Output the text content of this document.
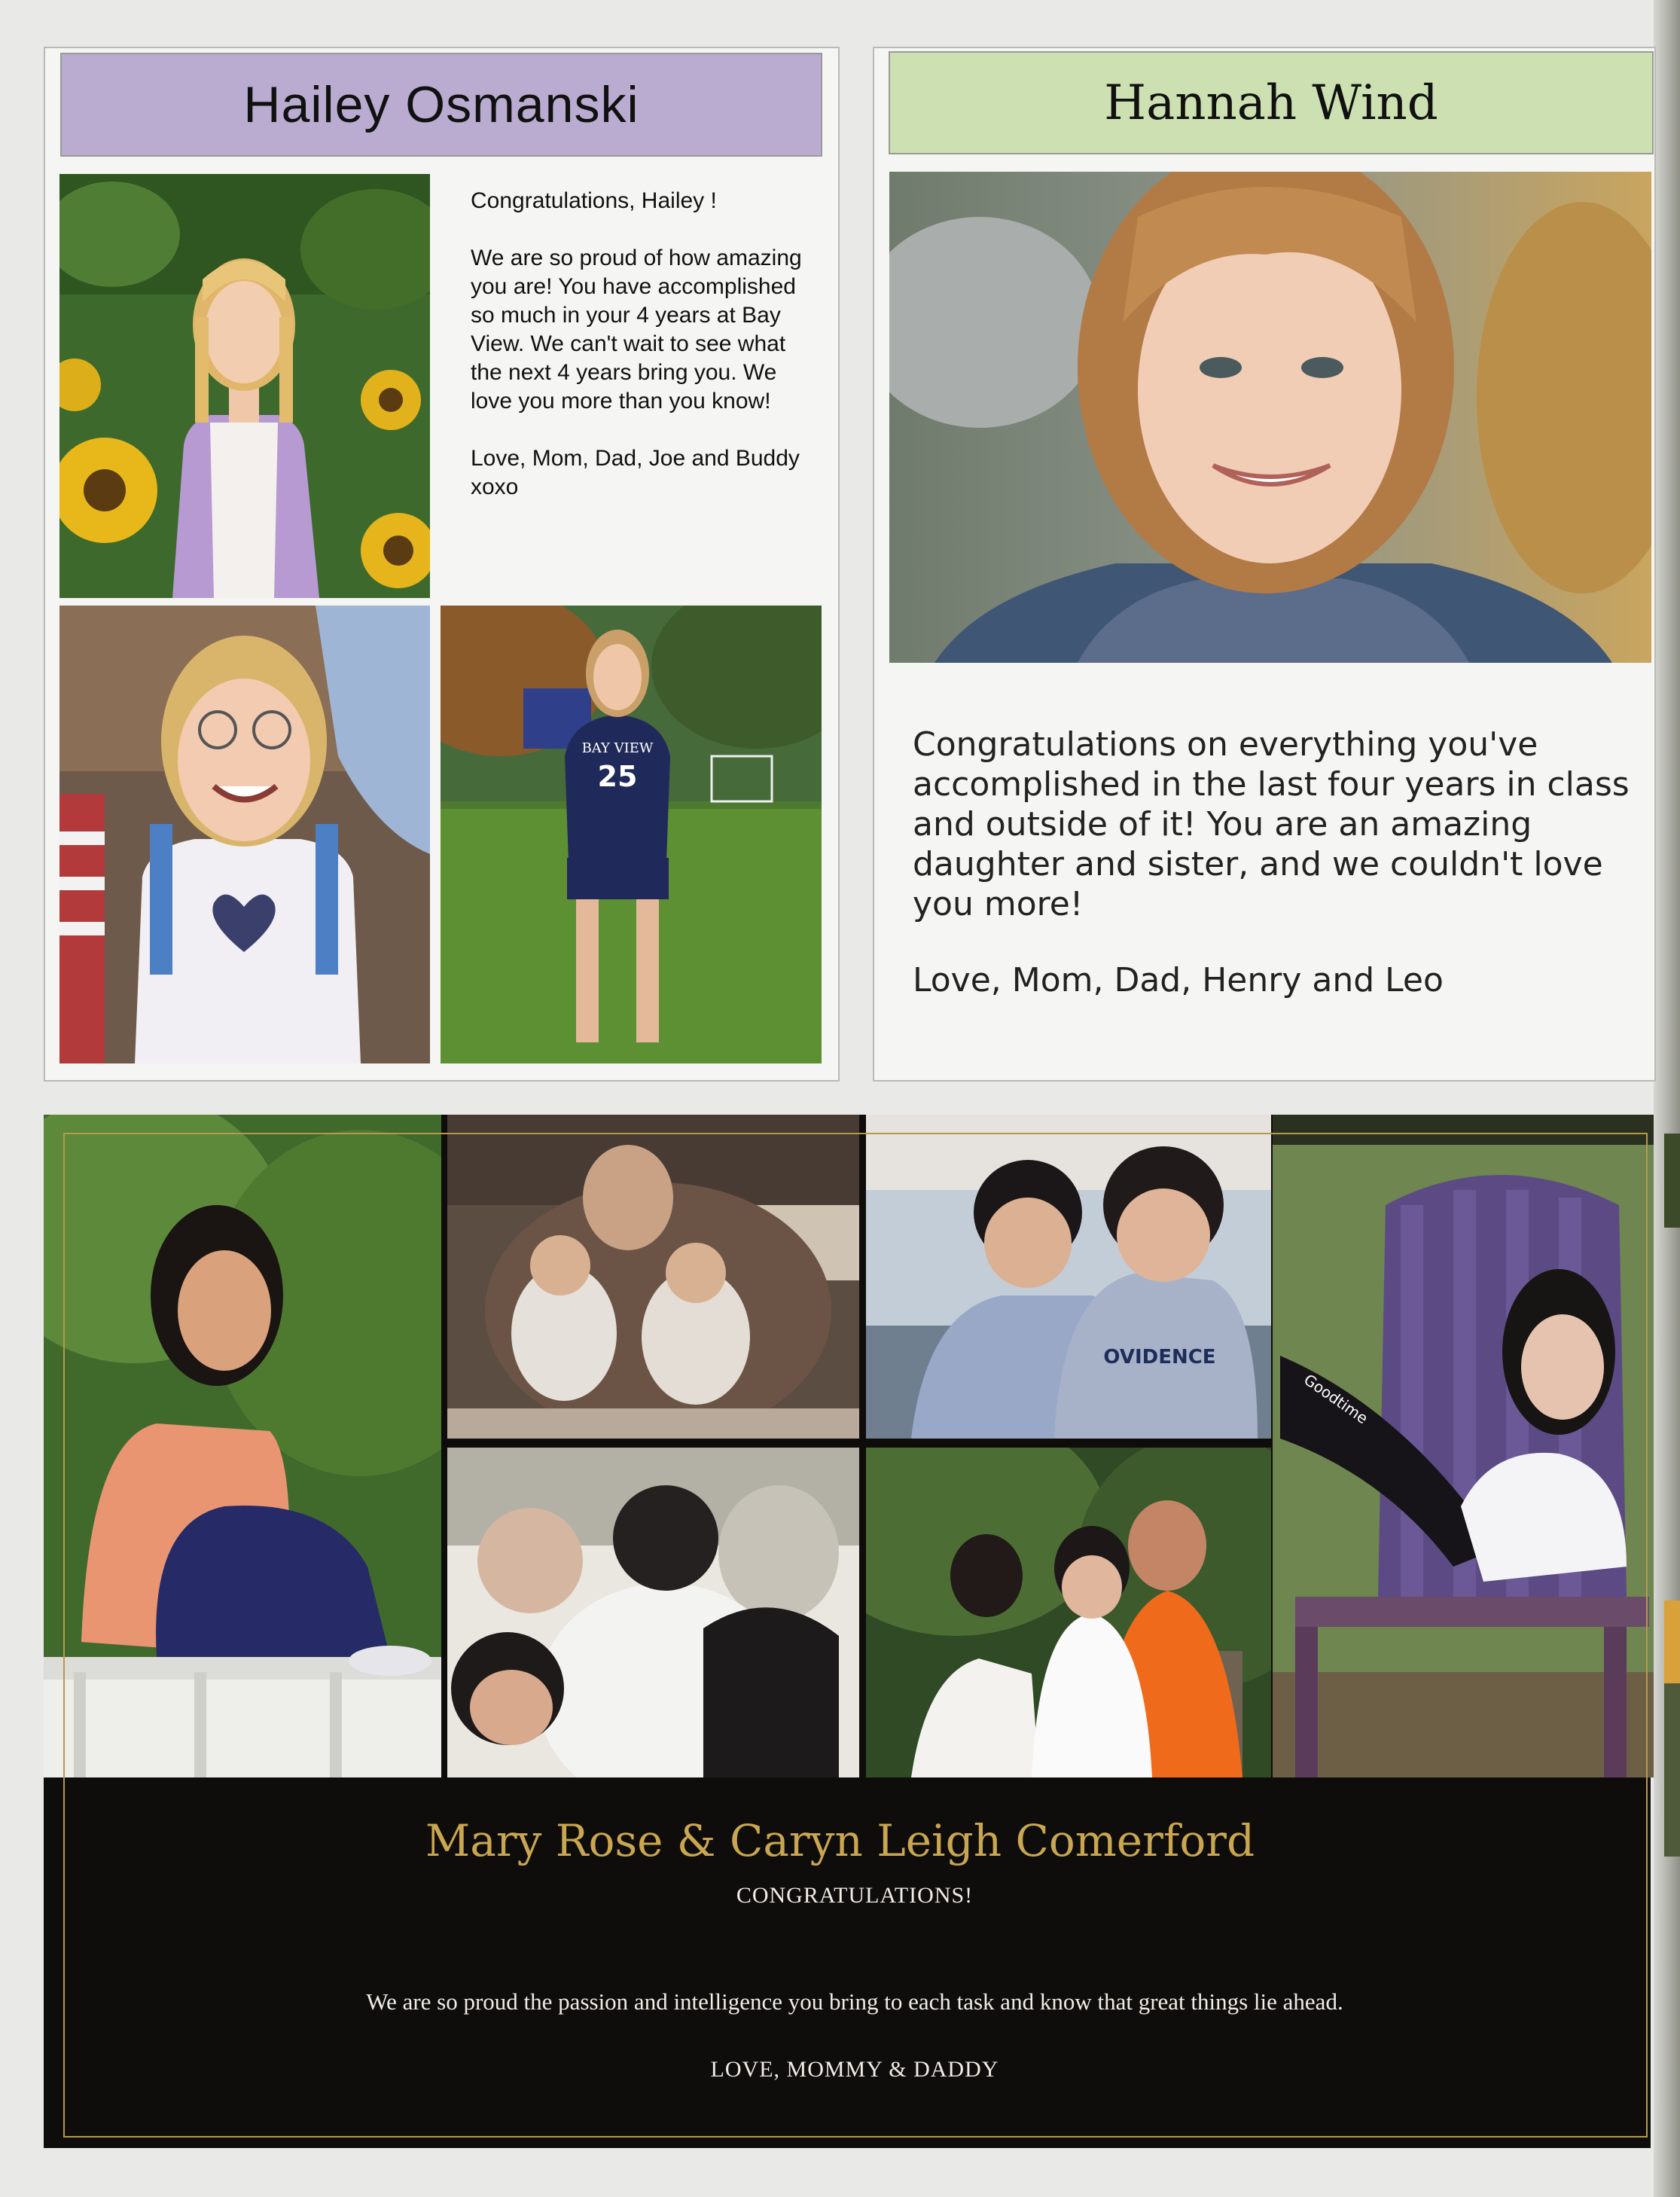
Hailey Osmanski

Congratulations, Hailey !

We are so proud of how amazing you are! You have accomplished so much in your 4 years at Bay View. We can't wait to see what the next 4 years bring you. We love you more than you know!

Love, Mom, Dad, Joe and Buddy xoxo

BAY VIEW
25
Hannah Wind

Congratulations on everything you've accomplished in the last four years in class and outside of it! You are an amazing daughter and sister, and we couldn't love you more!

Love, Mom, Dad, Henry and Leo

OVIDENCE
Goodtime
Mary Rose & Caryn Leigh Comerford
CONGRATULATIONS!
We are so proud the passion and intelligence you bring to each task and know that great things lie ahead.
LOVE, MOMMY & DADDY
